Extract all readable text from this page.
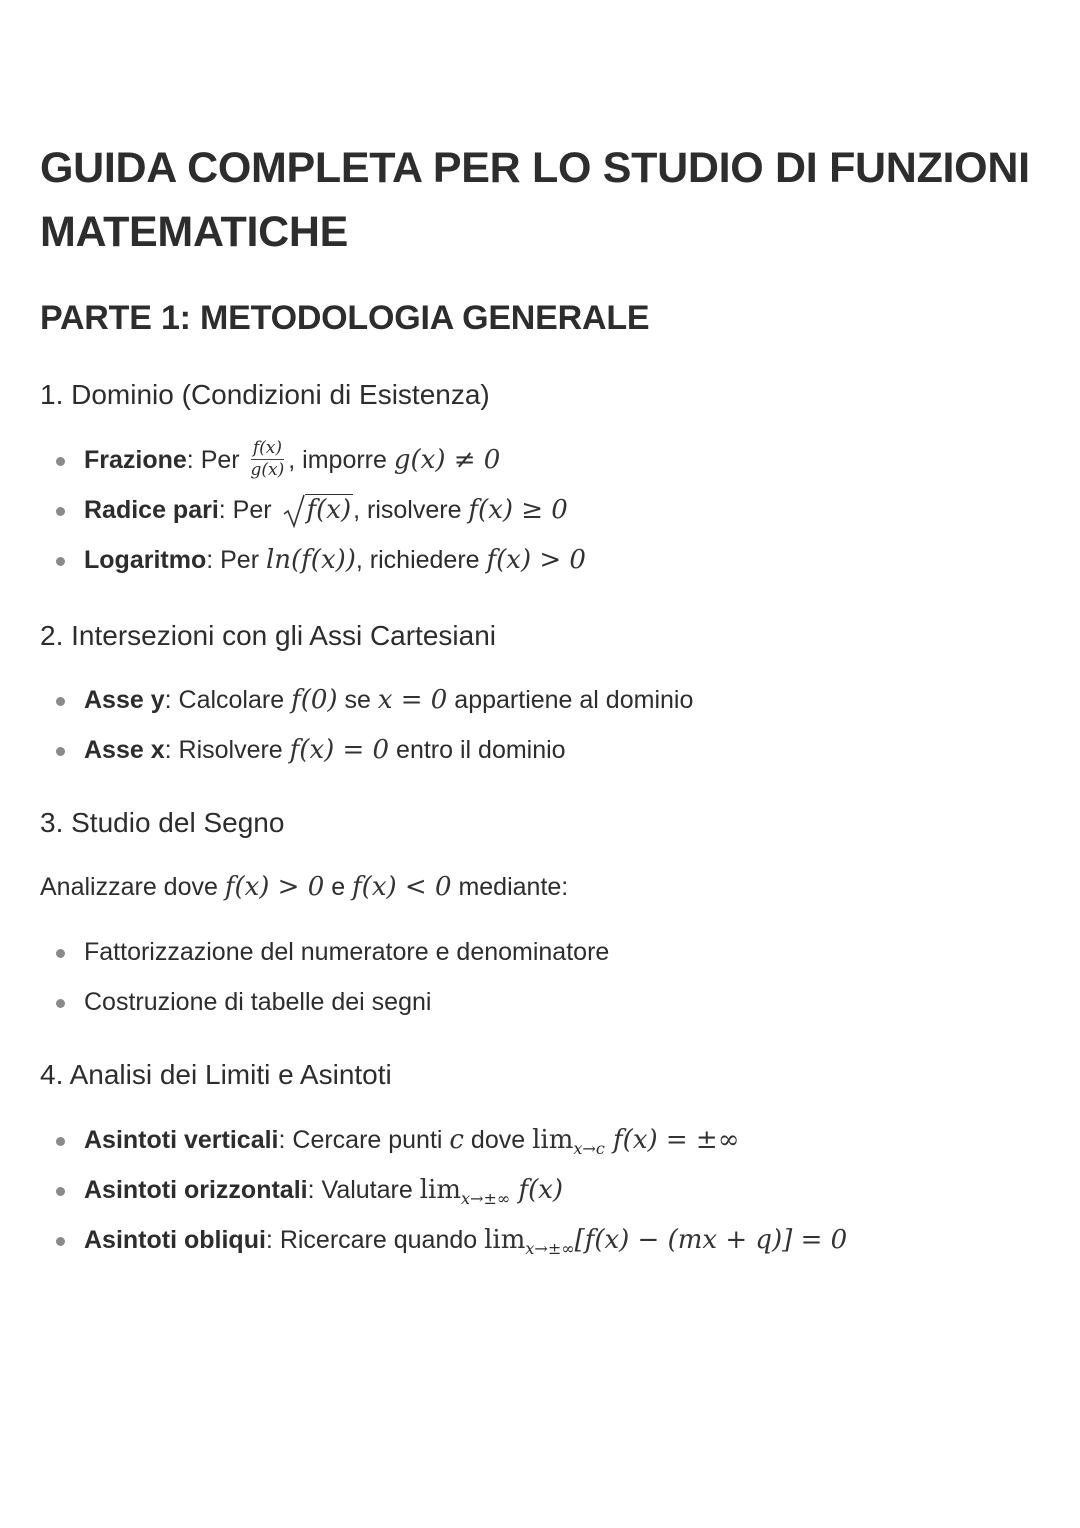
GUIDA COMPLETA PER LO STUDIO DI FUNZIONI MATEMATICHE
PARTE 1: METODOLOGIA GENERALE
1. Dominio (Condizioni di Esistenza)
Frazione: Per $\frac{f(x)}{g(x)}$ , imporre g(x) ≠ 0
Radice pari: Per
f(x), risolvere f(x) ≥ 0
Logaritmo: Per ln(f(x)), richiedere f(x) > 0
2. Intersezioni con gli Assi Cartesiani
Asse y: Calcolare f(0) se x = 0 appartiene al dominio
Asse x: Risolvere f(x) = 0 entro il dominio
3. Studio del Segno

Analizzare dove f(x) > 0 e f(x) < 0 mediante:

Fattorizzazione del numeratore e denominatore
Costruzione di tabelle dei segni
4. Analisi dei Limiti e Asintoti
Asintoti verticali: Cercare punti c dove $\lim_{x\to c} f(x)$ = ±∞
Asintoti orizzontali: Valutare $\lim_{x\to\pm\infty} f(x)$
Asintoti obliqui: Ricercare quando $\lim_{x\to\pm\infty}[f(x) - (mx + q)] = 0$
